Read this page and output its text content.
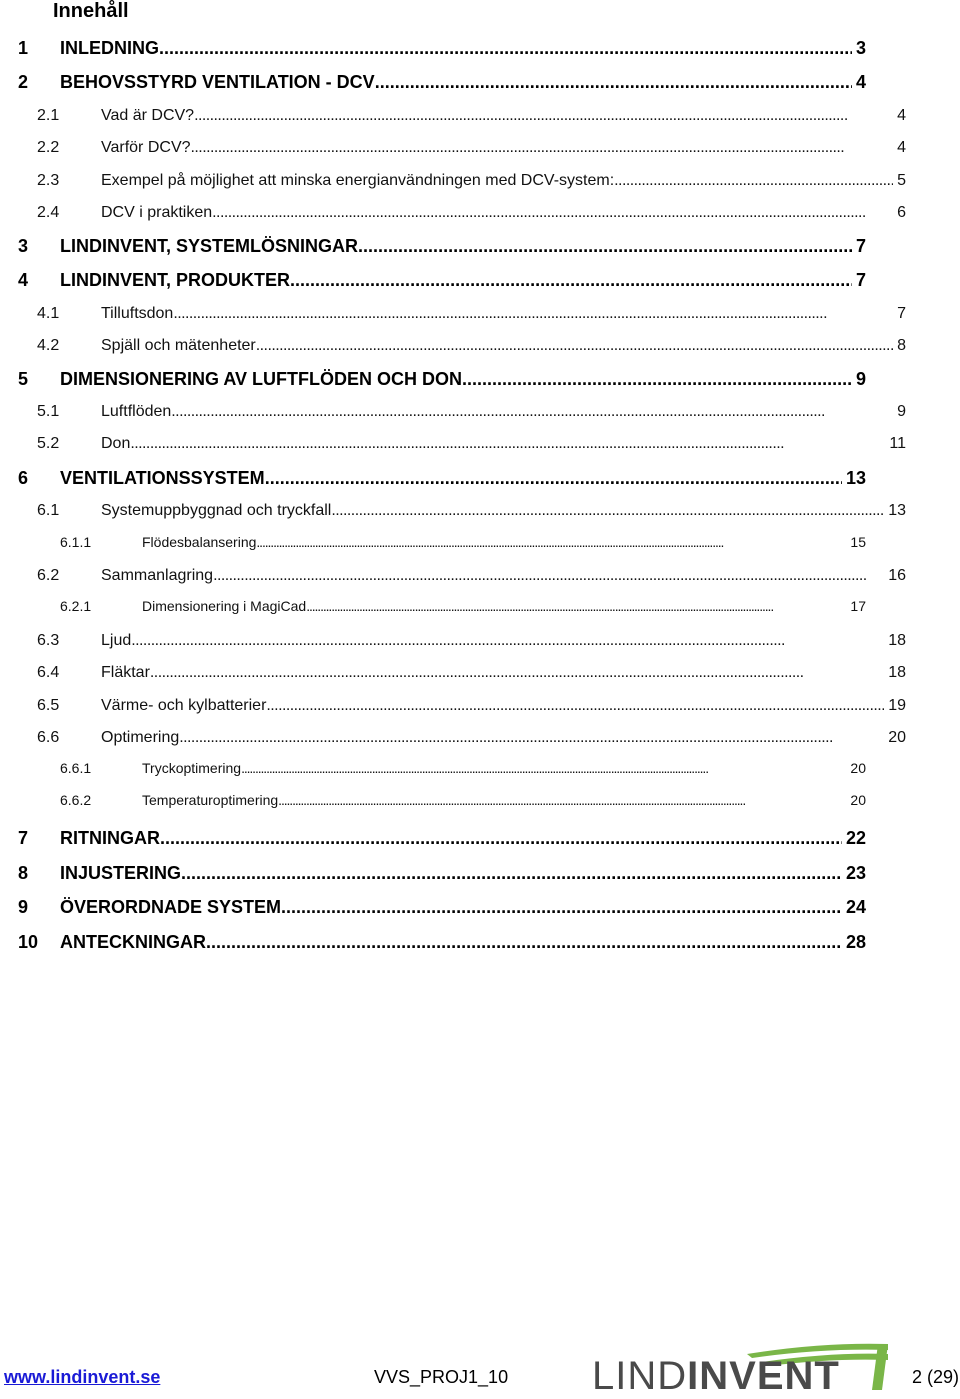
Innehåll
1 INLEDNING . . .	3
2 BEHOVSSTYRD VENTILATION - DCV . . .	4
2.1	Vad är DCV? . . .	4
2.2	Varför DCV? . . .	4
2.3	Exempel på möjlighet att minska energianvändningen med DCV-system: . . .	5
2.4	DCV i praktiken . . .	6
3 LINDINVENT, SYSTEMLÖSNINGAR . . .	7
4 LINDINVENT, PRODUKTER . . .	7
4.1	Tilluftsdon . . .	7
4.2	Spjäll och mätenheter . . .	8
5 DIMENSIONERING AV LUFTFLÖDEN OCH DON . . .	9
5.1	Luftflöden . . .	9
5.2	Don . . .	11
6 VENTILATIONSSYSTEM . . .	13
6.1	Systemuppbyggnad och tryckfall . . .	13
6.1.1	Flödesbalansering . . .	15
6.2	Sammanlagring . . .	16
6.2.1	Dimensionering i MagiCad . . .	17
6.3	Ljud . . .	18
6.4	Fläktar . . .	18
6.5	Värme- och kylbatterier . . .	19
6.6	Optimering . . .	20
6.6.1	Tryckoptimering . . .	20
6.6.2	Temperaturoptimering . . .	20
7 RITNINGAR . . .	22
8 INJUSTERING . . .	23
9 ÖVERORDNADE SYSTEM . . .	24
10 ANTECKNINGAR . . .	28
www.lindinvent.se	VVS_PROJ1_10 LINDINVENT	2 (29)
